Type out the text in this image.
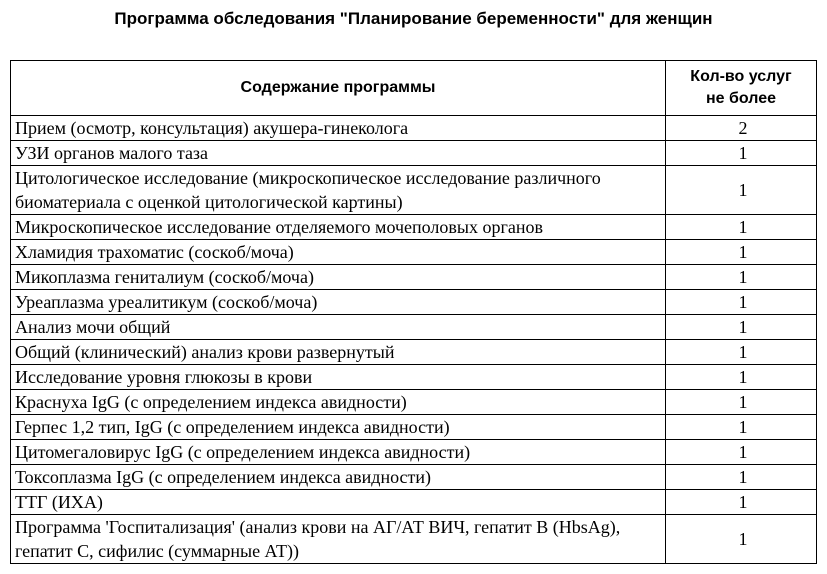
Программа обследования "Планирование беременности" для женщин
Содержание программы	Кол-во услуг
не более

Прием (осмотр, консультация) акушера-гинеколога	2
УЗИ органов малого таза	1
Цитологическое исследование (микроскопическое исследование различного биоматериала с оценкой цитологической картины)	1
Микроскопическое исследование отделяемого мочеполовых органов	1
Хламидия трахоматис (соскоб/моча)	1
Микоплазма гениталиум (соскоб/моча)	1
Уреаплазма уреалитикум (соскоб/моча)	1
Анализ мочи общий	1
Общий (клинический) анализ крови развернутый	1
Исследование уровня глюкозы в крови	1
Краснуха IgG (с определением индекса авидности)	1
Герпес 1,2 тип, IgG (с определением индекса авидности)	1
Цитомегаловирус IgG (с определением индекса авидности)	1
Токсоплазма IgG (с определением индекса авидности)	1
ТТГ (ИХА)	1
Программа 'Госпитализация' (анализ крови на АГ/АТ ВИЧ, гепатит В (HbsAg), гепатит С, сифилис (суммарные АТ))	1
